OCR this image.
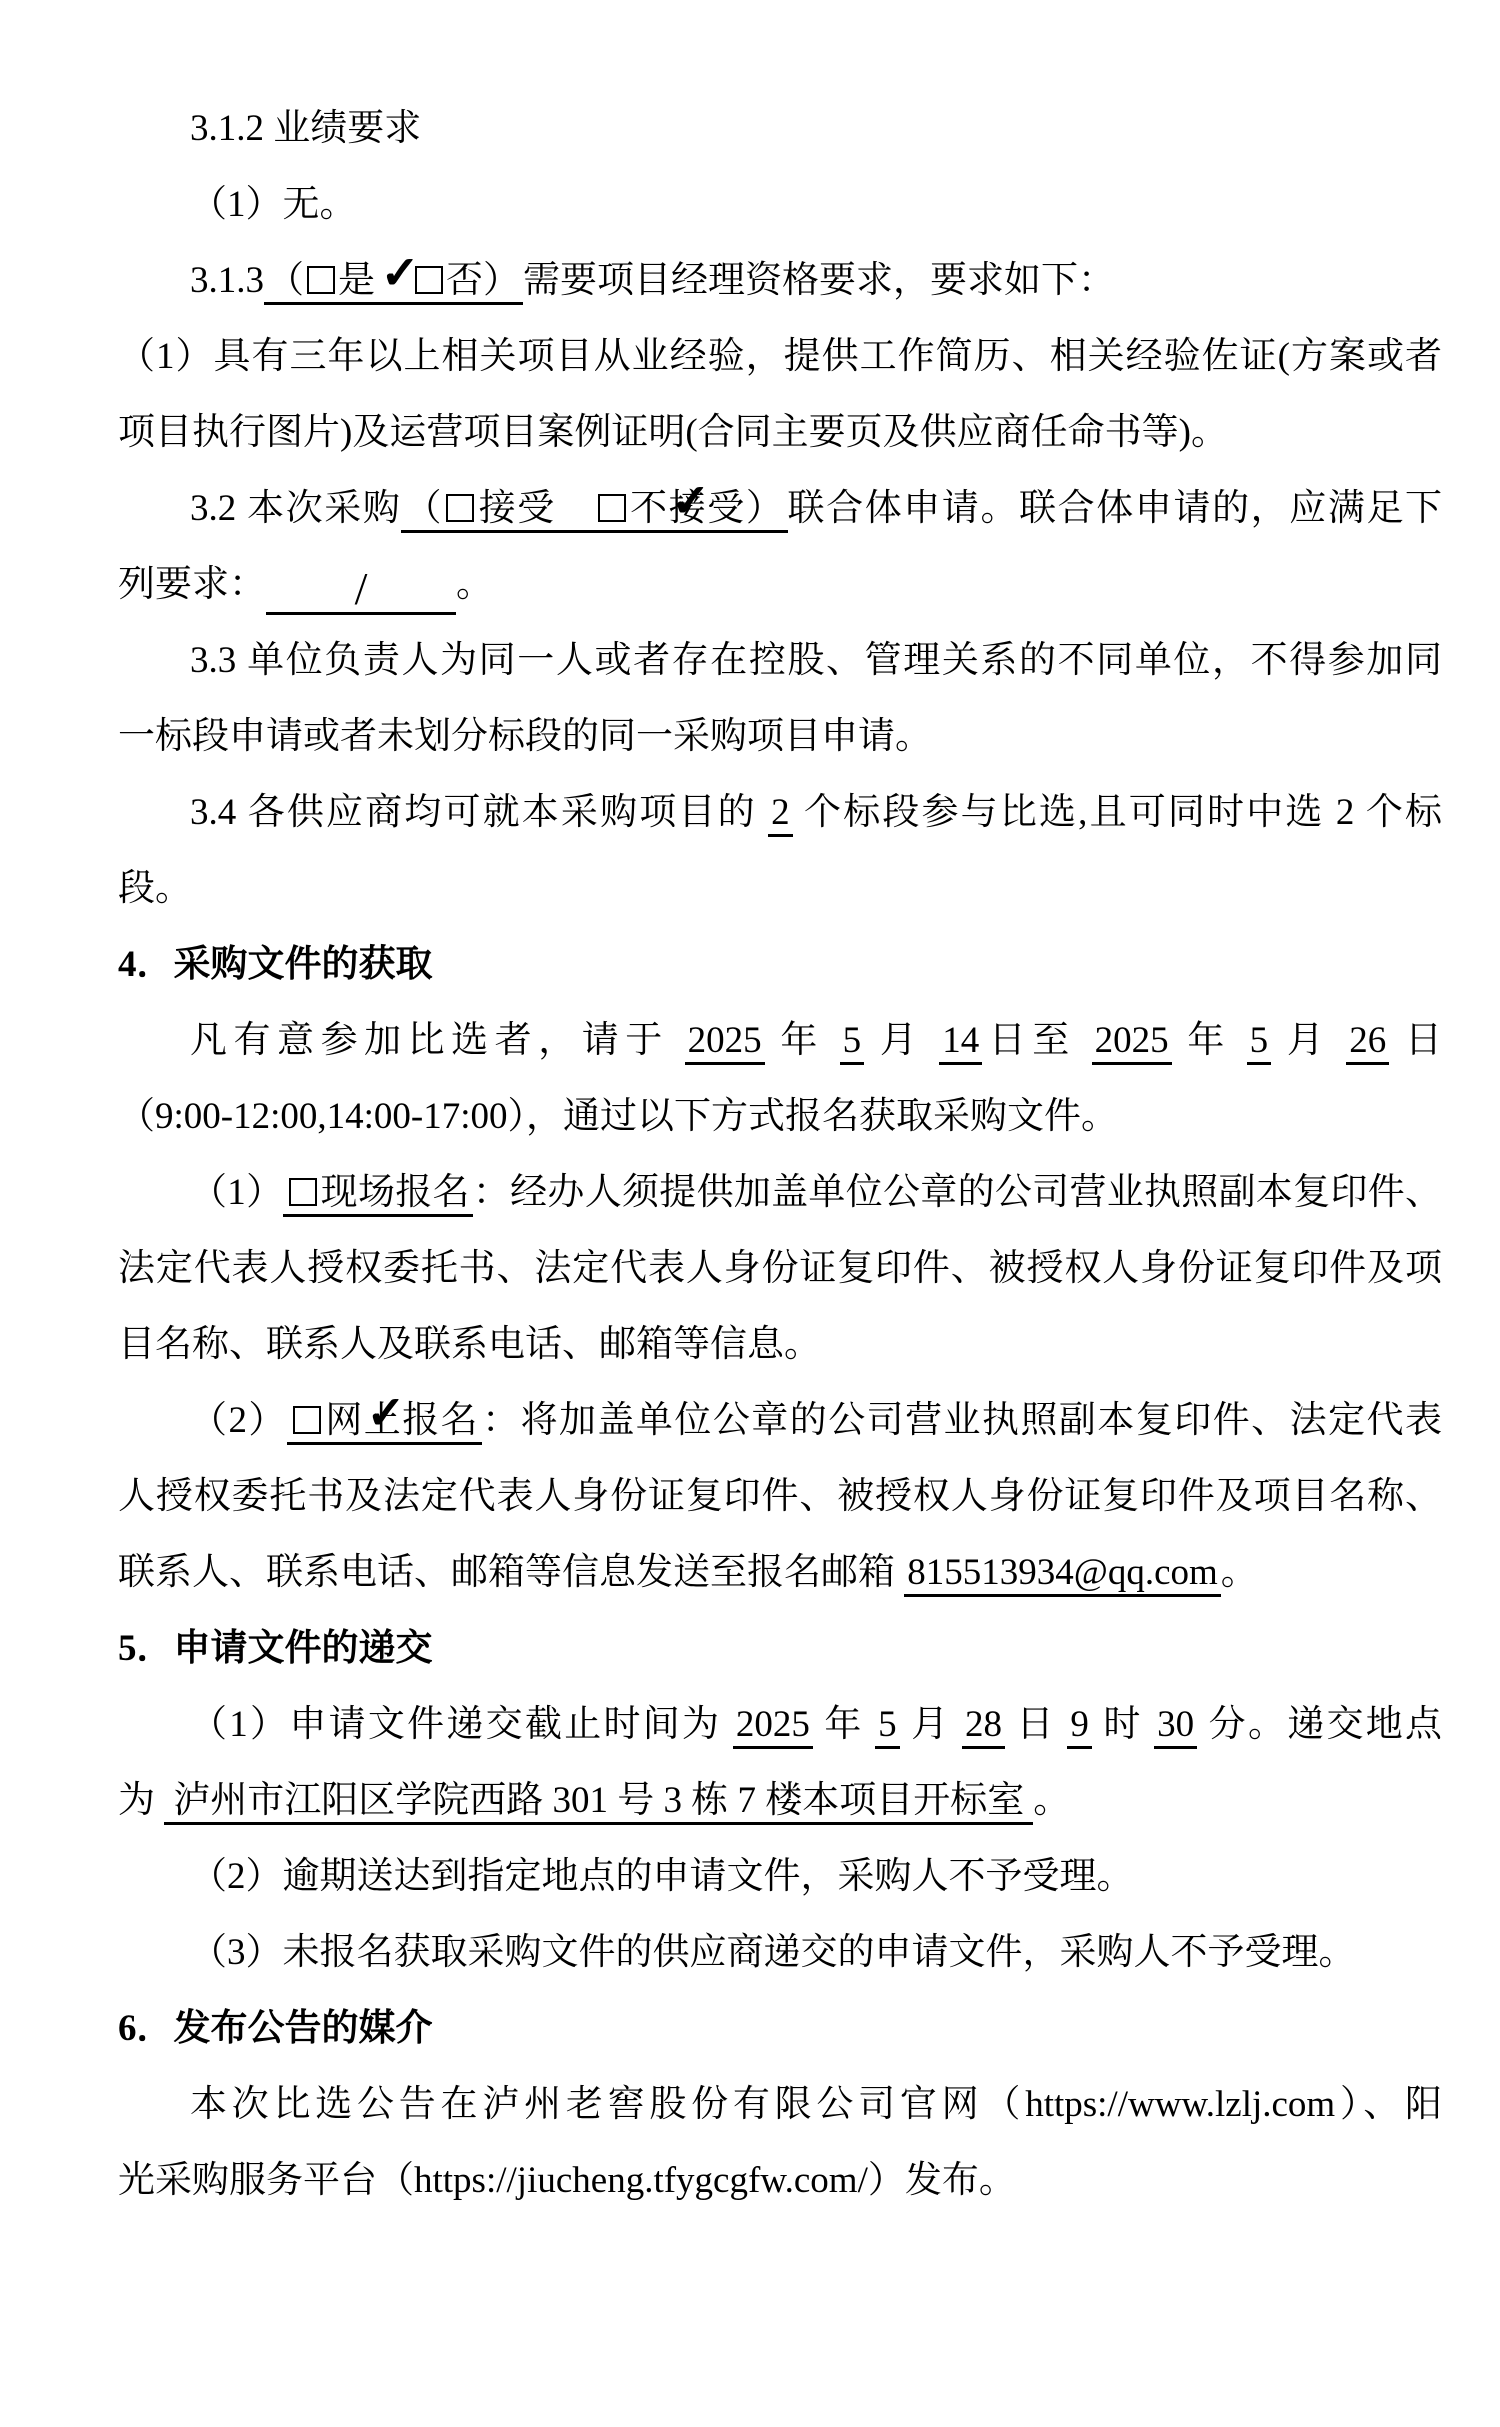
3.1.2 业绩要求
（1）无。
3.1.3（ ✓ 是　 否）需要项目经理资格要求，要求如下：
（1）具有三年以上相关项目从业经验，提供工作简历、相关经验佐证(方案或者
项目执行图片)及运营项目案例证明(合同主要页及供应商任命书等)。
3.2 本次采购（ 接受　 ✓ 不接受）联合体申请。联合体申请的，应满足下
列要求： / 。
3.3 单位负责人为同一人或者存在控股、管理关系的不同单位，不得参加同
一标段申请或者未划分标段的同一采购项目申请。
3.4 各供应商均可就本采购项目的 2 个标段参与比选,且可同时中选 2 个标
段。
4．采购文件的获取
凡有意参加比选者，请于 2025 年 5 月 14日至 2025 年 5 月 26 日
（9:00-12:00,14:00-17:00），通过以下方式报名获取采购文件。
（1） 现场报名：经办人须提供加盖单位公章的公司营业执照副本复印件、
法定代表人授权委托书、法定代表人身份证复印件、被授权人身份证复印件及项
目名称、联系人及联系电话、邮箱等信息。
（2） ✓ 网上报名：将加盖单位公章的公司营业执照副本复印件、法定代表
人授权委托书及法定代表人身份证复印件、被授权人身份证复印件及项目名称、
联系人、联系电话、邮箱等信息发送至报名邮箱 815513934@qq.com。
5．申请文件的递交
（1）申请文件递交截止时间为 2025 年 5 月 28 日 9 时 30 分。递交地点
为 泸州市江阳区学院西路 301 号 3 栋 7 楼本项目开标室 。
（2）逾期送达到指定地点的申请文件，采购人不予受理。
（3）未报名获取采购文件的供应商递交的申请文件，采购人不予受理。
6．发布公告的媒介
本次比选公告在泸州老窖股份有限公司官网（https://www.lzlj.com）、阳
光采购服务平台（https://jiucheng.tfygcgfw.com/）发布。
